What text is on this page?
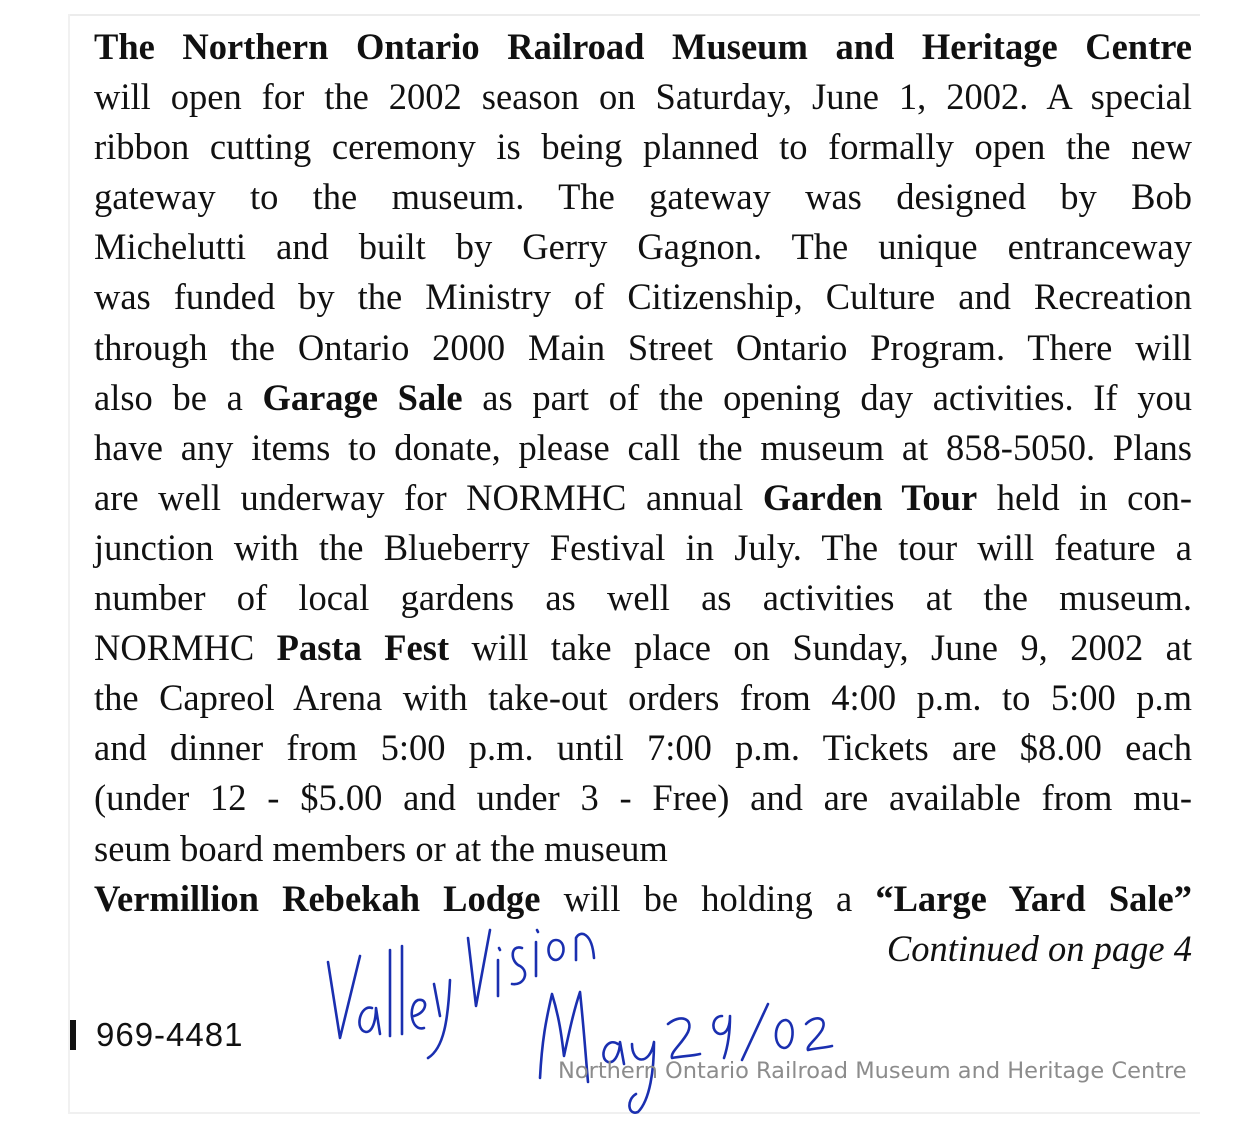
The Northern Ontario Railroad Museum and Heritage Centre
will open for the 2002 season on Saturday, June 1, 2002. A special
ribbon cutting ceremony is being planned to formally open the new
gateway to the museum. The gateway was designed by Bob
Michelutti and built by Gerry Gagnon. The unique entranceway
was funded by the Ministry of Citizenship, Culture and Recreation
through the Ontario 2000 Main Street Ontario Program. There will
also be a Garage Sale as part of the opening day activities. If you
have any items to donate, please call the museum at 858-5050. Plans
are well underway for NORMHC annual Garden Tour held in con-
junction with the Blueberry Festival in July. The tour will feature a
number of local gardens as well as activities at the museum.
NORMHC Pasta Fest will take place on Sunday, June 9, 2002 at
the Capreol Arena with take-out orders from 4:00 p.m. to 5:00 p.m
and dinner from 5:00 p.m. until 7:00 p.m. Tickets are $8.00 each
(under 12 - $5.00 and under 3 - Free) and are available from mu-
seum board members or at the museum
Vermillion Rebekah Lodge will be holding a “Large Yard Sale”
Continued on page 4
969-4481
Northern Ontario Railroad Museum and Heritage Centre
